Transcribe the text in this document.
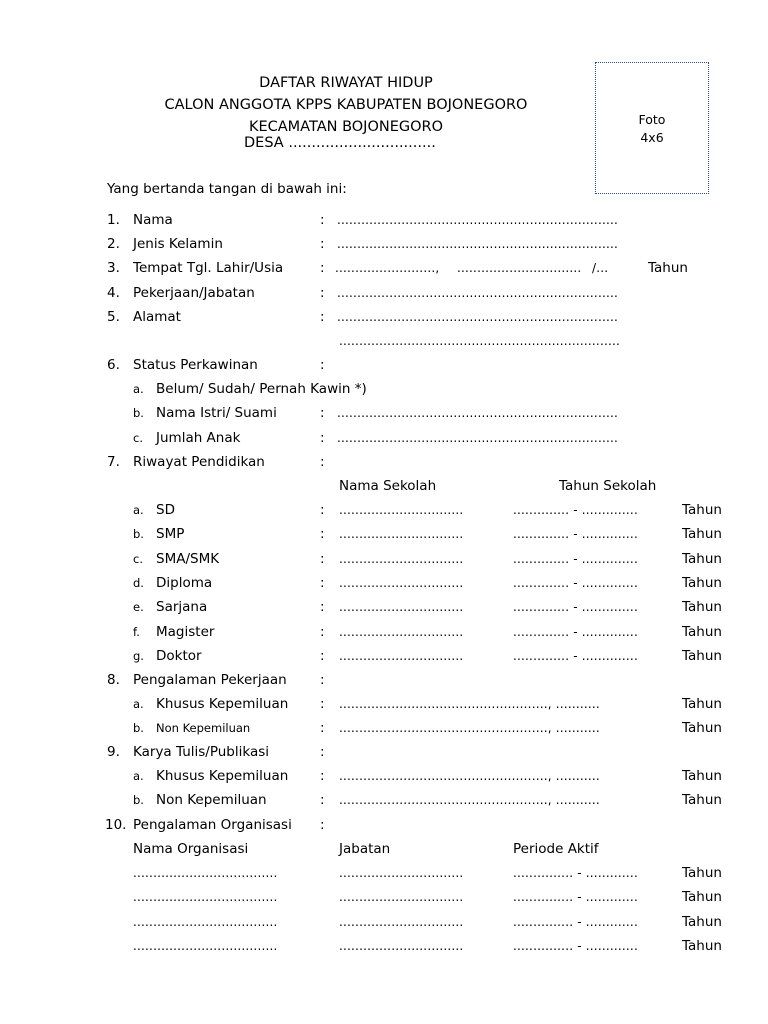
DAFTAR RIWAYAT HIDUP
CALON ANGGOTA KPPS KABUPATEN BOJONEGORO
KECAMATAN BOJONEGORO
DESA ................................
Foto
4x6
Yang bertanda tangan di bawah ini:
1. Nama	: ......................................................................
2. Jenis Kelamin	: ......................................................................
3. Tempat Tgl. Lahir/Usia	: ........................., ............................... /...	Tahun
4. Pekerjaan/Jabatan	: ......................................................................
5. Alamat	: ......................................................................
......................................................................
6. Status Perkawinan	:
a. Belum/ Sudah/ Pernah Kawin *)
b. Nama Istri/ Suami	: ......................................................................
c. Jumlah Anak	: ......................................................................
7. Riwayat Pendidikan	:
Nama Sekolah	Tahun Sekolah
a. SD	: ...............................	.............. - ..............	Tahun
b. SMP	: ...............................	.............. - ..............	Tahun
c. SMA/SMK	: ...............................	.............. - ..............	Tahun
d. Diploma	: ...............................	.............. - ..............	Tahun
e. Sarjana	: ...............................	.............. - ..............	Tahun
f. Magister	: ...............................	.............. - ..............	Tahun
g. Doktor	: ...............................	.............. - ..............	Tahun
8. Pengalaman Pekerjaan :
a. Khusus Kepemiluan : ...................................................., ...........	Tahun
b. Non Kepemiluan	: ...................................................., ...........	Tahun
9. Karya Tulis/Publikasi	:
a. Khusus Kepemiluan : ...................................................., ...........	Tahun
b. Non Kepemiluan	: ...................................................., ...........	Tahun
10. Pengalaman Organisasi :
Nama Organisasi	Jabatan	Periode Aktif
....................................	...............................	............... - .............	Tahun
....................................	...............................	............... - .............	Tahun
....................................	...............................	............... - .............	Tahun
....................................	...............................	............... - .............	Tahun
